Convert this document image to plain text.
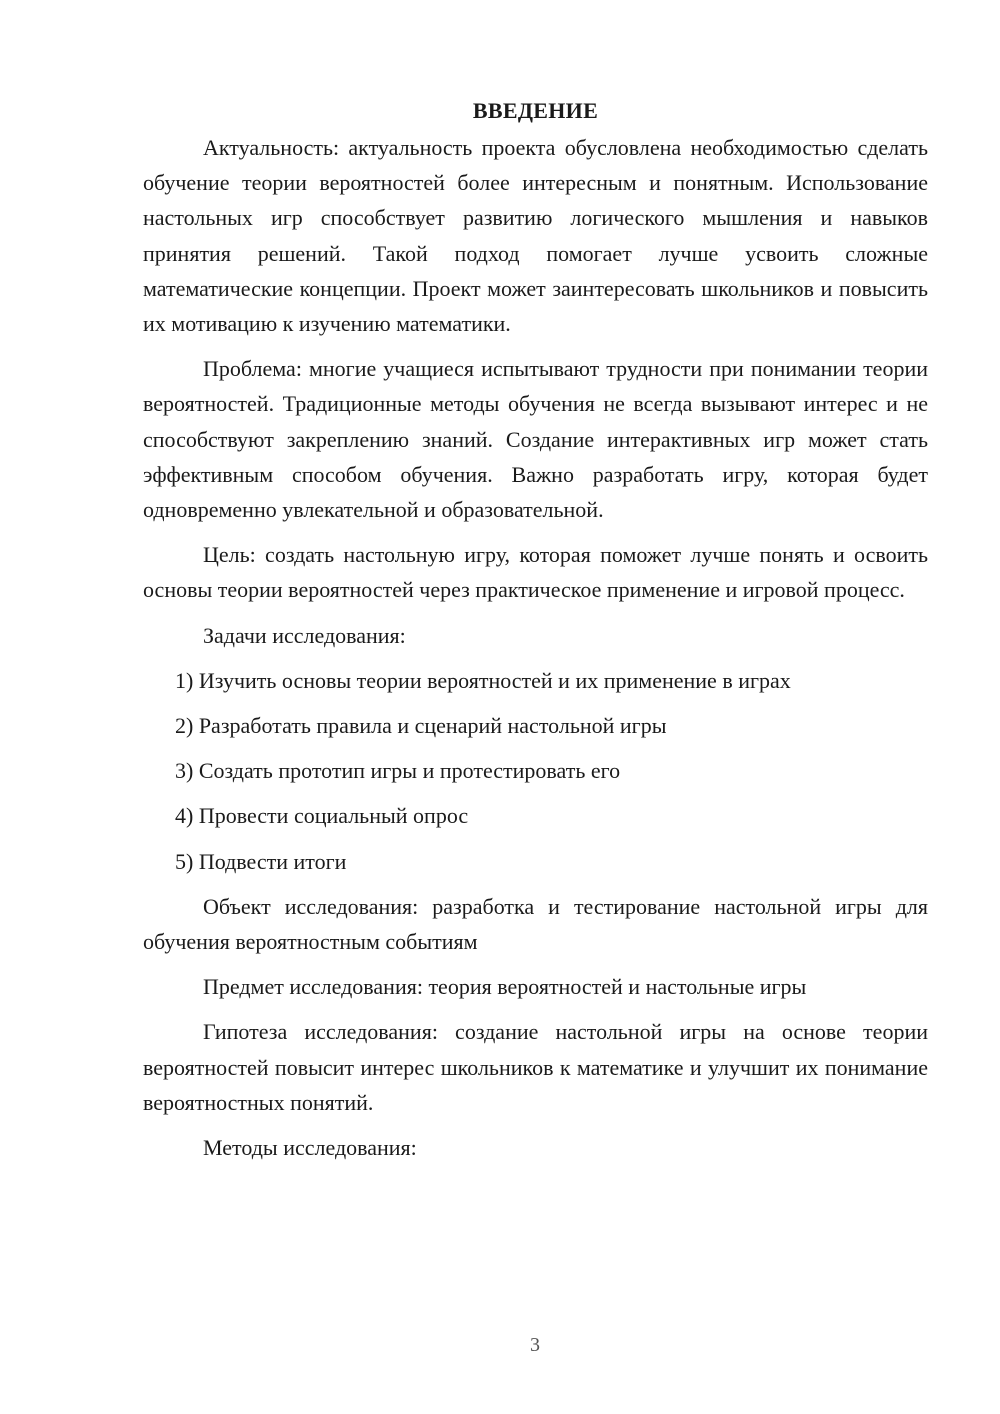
ВВЕДЕНИЕ

Актуальность: актуальность проекта обусловлена необходимостью сделать обучение теории вероятностей более интересным и понятным. Использование настольных игр способствует развитию логического мышления и навыков принятия решений. Такой подход помогает лучше усвоить сложные математические концепции. Проект может заинтересовать школьников и повысить их мотивацию к изучению математики.

Проблема: многие учащиеся испытывают трудности при понимании теории вероятностей. Традиционные методы обучения не всегда вызывают интерес и не способствуют закреплению знаний. Создание интерактивных игр может стать эффективным способом обучения. Важно разработать игру, которая будет одновременно увлекательной и образовательной.

Цель: создать настольную игру, которая поможет лучше понять и освоить основы теории вероятностей через практическое применение и игровой процесс.

Задачи исследования:

1) Изучить основы теории вероятностей и их применение в играх
2) Разработать правила и сценарий настольной игры
3) Создать прототип игры и протестировать его
4) Провести социальный опрос
5) Подвести итоги

Объект исследования: разработка и тестирование настольной игры для обучения вероятностным событиям

Предмет исследования: теория вероятностей и настольные игры

Гипотеза исследования: создание настольной игры на основе теории вероятностей повысит интерес школьников к математике и улучшит их понимание вероятностных понятий.

Методы исследования:

3
